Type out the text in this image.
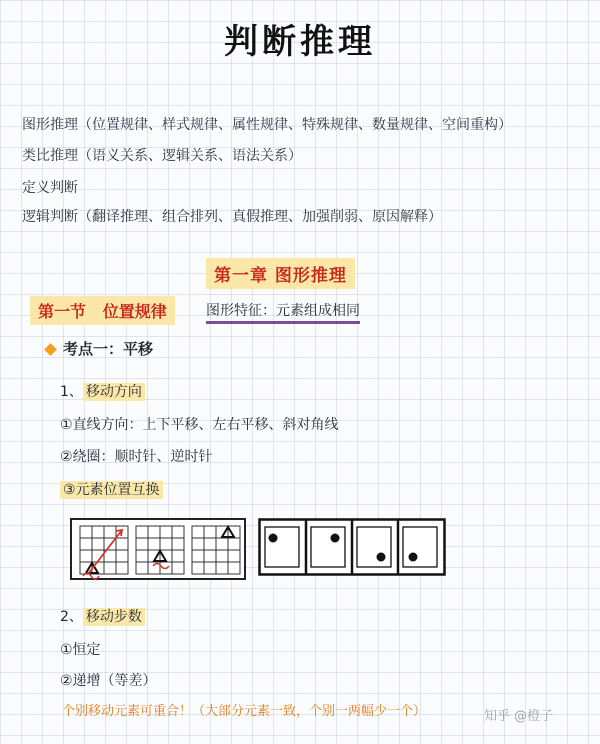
判断推理
图形推理（位置规律、样式规律、属性规律、特殊规律、数量规律、空间重构）
类比推理（语义关系、逻辑关系、语法关系）
定义判断
逻辑判断（翻译推理、组合排列、真假推理、加强削弱、原因解释）
第一章 图形推理
第一节 位置规律	图形特征：元素组成相同
考点一：平移
1、 移动方向
①直线方向：上下平移、左右平移、斜对角线
②绕圈：顺时针、逆时针
③元素位置互换
2、 移动步数
①恒定
②递增（等差）
个别移动元素可重合！（大部分元素一致，个别一两幅少一个）	知乎 @橙子
